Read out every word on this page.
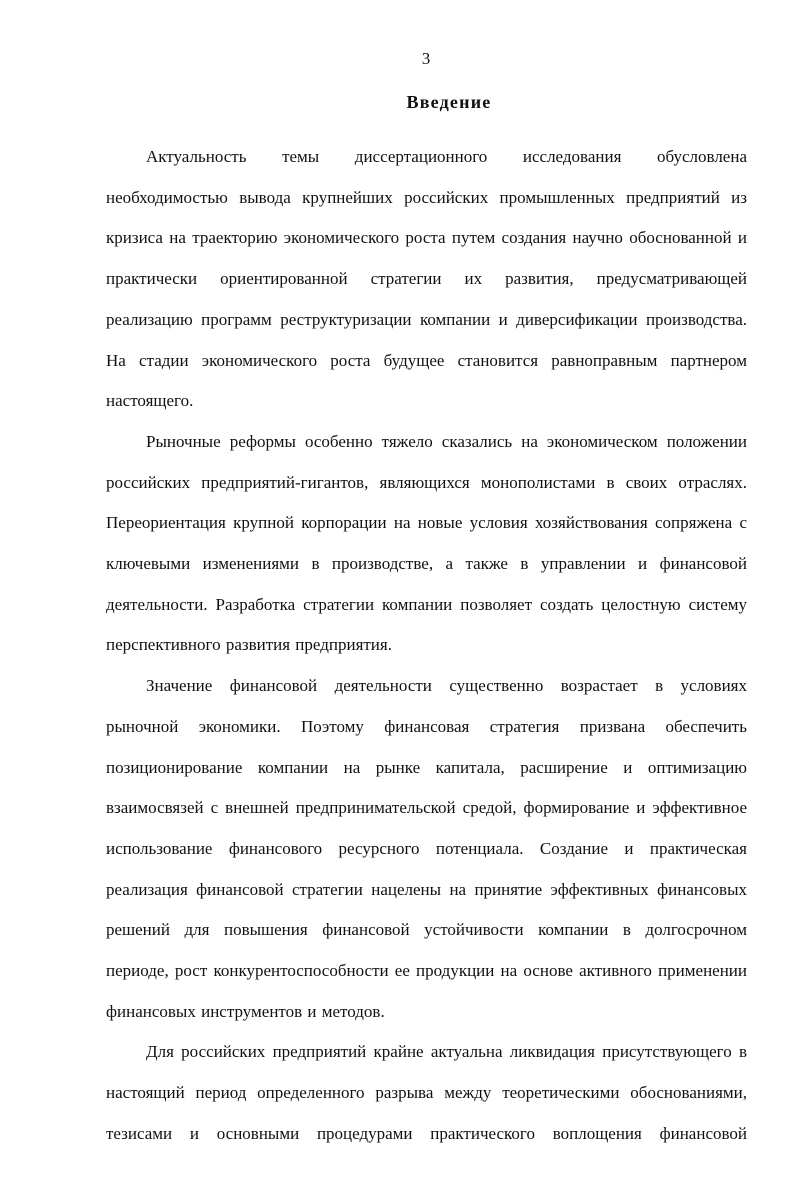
3
Введение

Актуальность темы диссертационного исследования обусловлена необходимостью вывода крупнейших российских промышленных предприятий из кризиса на траекторию экономического роста путем создания научно обоснованной и практически ориентированной стратегии их развития, предусматривающей реализацию программ реструктуризации компании и диверсификации производства. На стадии экономического роста будущее становится равноправным партнером настоящего.

Рыночные реформы особенно тяжело сказались на экономическом положении российских предприятий-гигантов, являющихся монополистами в своих отраслях. Переориентация крупной корпорации на новые условия хозяйствования сопряжена с ключевыми изменениями в производстве, а также в управлении и финансовой деятельности. Разработка стратегии компании позволяет создать целостную систему перспективного развития предприятия.

Значение финансовой деятельности существенно возрастает в условиях рыночной экономики. Поэтому финансовая стратегия призвана обеспечить позиционирование компании на рынке капитала, расширение и оптимизацию взаимосвязей с внешней предпринимательской средой, формирование и эффективное использование финансового ресурсного потенциала. Создание и практическая реализация финансовой стратегии нацелены на принятие эффективных финансовых решений для повышения финансовой устойчивости компании в долгосрочном периоде, рост конкурентоспособности ее продукции на основе активного применении финансовых инструментов и методов.

Для российских предприятий крайне актуальна ликвидация присутствующего в настоящий период определенного разрыва между теоретическими обоснованиями, тезисами и основными процедурами практического воплощения финансовой
